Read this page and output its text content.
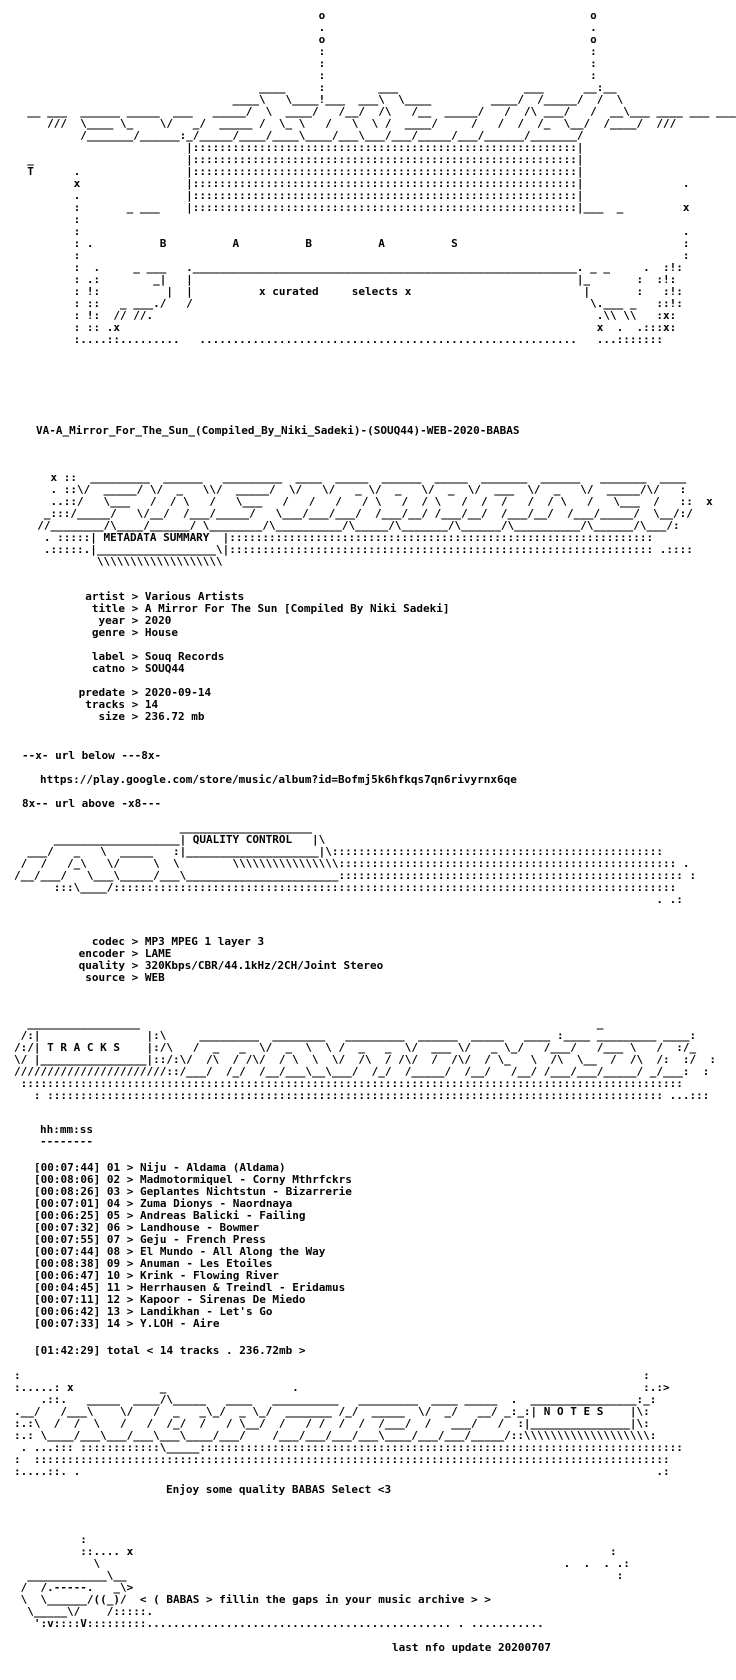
o                                        o
.                                        .
o                                        o
:                                        :
:                                        :
:                                        :
____     :        ___                   ___      __:__
____\   \____!___  ___\  \____         ____/  /_____/  /  \
__ ___  ______ _____  ___   _____/  \  ____/   /__/  /\   /__  _____/   /  /\ ___/   /  __\___ ____ ___ ___
///  \____ \_    \/   _/  _____ /  \_ \   /   \  \ /  ____/     /   /  /  /_  \__/  /____/  ///
/_______/______:_/_____/____/____\____/___\___/___/_____/___/______/_______/
|::::::::::::::::::::::::::::::::::::::::::::::::::::::::::|
_                       |::::::::::::::::::::::::::::::::::::::::::::::::::::::::::|
T      .                |::::::::::::::::::::::::::::::::::::::::::::::::::::::::::|
x                |::::::::::::::::::::::::::::::::::::::::::::::::::::::::::|               .
.                |::::::::::::::::::::::::::::::::::::::::::::::::::::::::::|
:       _ ___    |::::::::::::::::::::::::::::::::::::::::::::::::::::::::::|___  _         x
:
:                                                                                           .
: .          B          A          B          A          S                                  :
:                                                                                           :
:  .     _ ___   .__________________________________________________________. _ _     .  :!:
: .:        _|   |                                                          |_       :  :!:
: !:          |  |          x curated     selects x                          |       :   :!:
: ::   _ ___./   /                                                            \.___ _   ::!:
: !:  // //.                                                                   .\\ \\   :x:
: :: .x                                                                        x  .  .:::x:
:....::.........   .........................................................   ...:::::::
VA-A_Mirror_For_The_Sun_(Compiled_By_Niki_Sadeki)-(SOUQ44)-WEB-2020-BABAS
x ::  _________  ______   _________  ____  _____  ______  _____  _______  ______   _______  ____
. ::\/  _____/ \/  _   \\/  _____/  \/   \/   _ \/  _   \/  _  \/  ___  \/  _   \/  _____/\/   :
..::/   \___   /  / \   /   \___   /   /   /   / \   /  / \   /  /  /   /  / \   /   \___  /   ::  x
_:::/_____/   \/__/  /___/_____/   \___/___/___/  /___/__/ /___/__/  /___/__/  /___/_____/  \__/:/
//________/\____/______/ \________/\__________/\_____/\_______/\______/\__________/\______/\___/:
. :::::| METADATA SUMMARY  |::::::::::::::::::::::::::::::::::::::::::::::::::::::::::::::::
.:::::.|__________________\|:::::::::::::::::::::::::::::::::::::::::::::::::::::::::::::::: .::::
\\\\\\\\\\\\\\\\\\\
artist > Various Artists
title > A Mirror For The Sun [Compiled By Niki Sadeki]
year > 2020
genre > House

label > Souq Records
catno > SOUQ44

predate > 2020-09-14
tracks > 14
size > 236.72 mb
--x- url below ---8x-
https://play.google.com/store/music/album?id=Bofmj5k6hfkqs7qn6rivyrnx6qe
8x-- url above -x8---
____________________
___________________| QUALITY CONTROL   |\
___/   _   \  _____   :|____________________|\::::::::::::::::::::::::::::::::::::::::::::::::::
/  /   /_\   \/     \  \        \\\\\\\\\\\\\\\\::::::::::::::::::::::::::::::::::::::::::::::::::: .
/__/___/   \___\_____/___\_______________________:::::::::::::::::::::::::::::::::::::::::::::::::::: :
:::\____/:::::::::::::::::::::::::::::::::::::::::::::::::::::::::::::::::::::::::::::::::::::
. .:
codec > MP3 MPEG 1 layer 3
encoder > LAME
quality > 320Kbps/CBR/44.1kHz/2CH/Joint Stereo
source > WEB
_________________                                                                     _
/:|                |:\     _________  ________   _________  ______  _____   ____ :____ _________ ____:
/:/| T R A C K S    |:/\   /  _   _  \/  _  \  \ /  _   _  \/  ___ \/   _ \_/   /___/   /___ \   /  :/_
\/ |________________|::/:\/  /\  / /\/  / \  \  \/  /\  / /\/  /  /\/  / \_   \  /\  \__  /  /\  /:  :/  :
///////////////////////::/___/  /_/  /__/___\__\___/  /_/  /_____/  /__/   /__/ /___/___/_____/ _/___:  :
::::::::::::::::::::::::::::::::::::::::::::::::::::::::::::::::::::::::::::::::::::::::::::::::::::
: ::::::::::::::::::::::::::::::::::::::::::::::::::::::::::::::::::::::::::::::::::::::::::::: ...:::
hh:mm:ss
--------
[00:07:44] 01 > Niju - Aldama (Aldama)
[00:08:06] 02 > Madmotormiquel - Corny Mthrfckrs
[00:08:26] 03 > Geplantes Nichtstun - Bizarrerie
[00:07:01] 04 > Zuma Dionys - Naordnaya
[00:06:25] 05 > Andreas Balicki - Failing
[00:07:32] 06 > Landhouse - Bowmer
[00:07:55] 07 > Geju - French Press
[00:07:44] 08 > El Mundo - All Along the Way
[00:08:38] 09 > Anuman - Les Etoiles
[00:06:47] 10 > Krink - Flowing River
[00:04:45] 11 > Herrhausen & Treindl - Eridamus
[00:07:11] 12 > Kapoor - Sirenas De Miedo
[00:06:42] 13 > Landikhan - Let's Go
[00:07:33] 14 > Y.LOH - Aire
[01:42:29] total < 14 tracks . 236.72mb >
:                                                                                              :
:.....: x             _                   .                                                    :.:>
.::.   _____  ____/\_____   ____   __________   _________  ____ _____  .  ________________:_:
.__/   /___\    \/   /  _   _\_/  _ \_/  _______ /_/  _____  \/  _/   __/ _:_:| N O T E S    |\:
:.:\  /  /  \   /   /  /_/  /   / \__/  /   / /  /  /  /___/  /   ___/   /  :|_______________|\:
:.: \____/___\___/___\___\____/___/    /___/___/___/___\____/___/___/_____/::\\\\\\\\\\\\\\\\\\\:
. ...::: ::::::::::::\_____:::::::::::::::::::::::::::::::::::::::::::::::::::::::::::::::::::::::::
:  ::::::::::::::::::::::::::::::::::::::::::::::::::::::::::::::::::::::::::::::::::::::::::::::::
:....::. .                                                                                       .:
Enjoy some quality BABAS Select <3
:
::.... x                                                                        :
\                                                                      .  .  . .:
____________\__                                                                          :
/  /.-----.   _\>
\  \______/((_)/  < ( BABAS > fillin the gaps in your music archive > >
\_____\/    /:::::.
':v::::V:::::::::.............................................. . ...........
last nfo update 20200707
